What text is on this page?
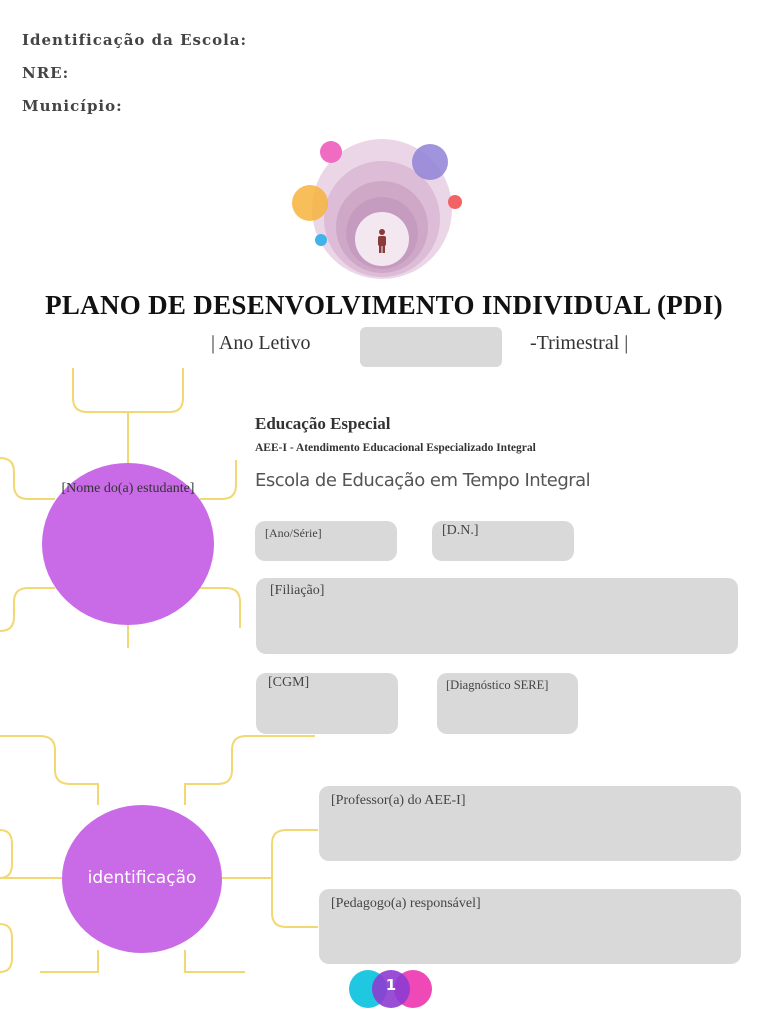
Identificação da Escola:
NRE:
Município:
PLANO DE DESENVOLVIMENTO INDIVIDUAL (PDI)
| Ano Letivo	-Trimestral |
Educação Especial
AEE-I - Atendimento Educacional Especializado Integral
Escola de Educação em Tempo Integral
[Nome do(a) estudante]
[Ano/Série]	[D.N.]
[Filiação]
[CGM]	[Diagnóstico SERE]
[Professor(a) do AEE-I]
[Pedagogo(a) responsável]
identificação
1
